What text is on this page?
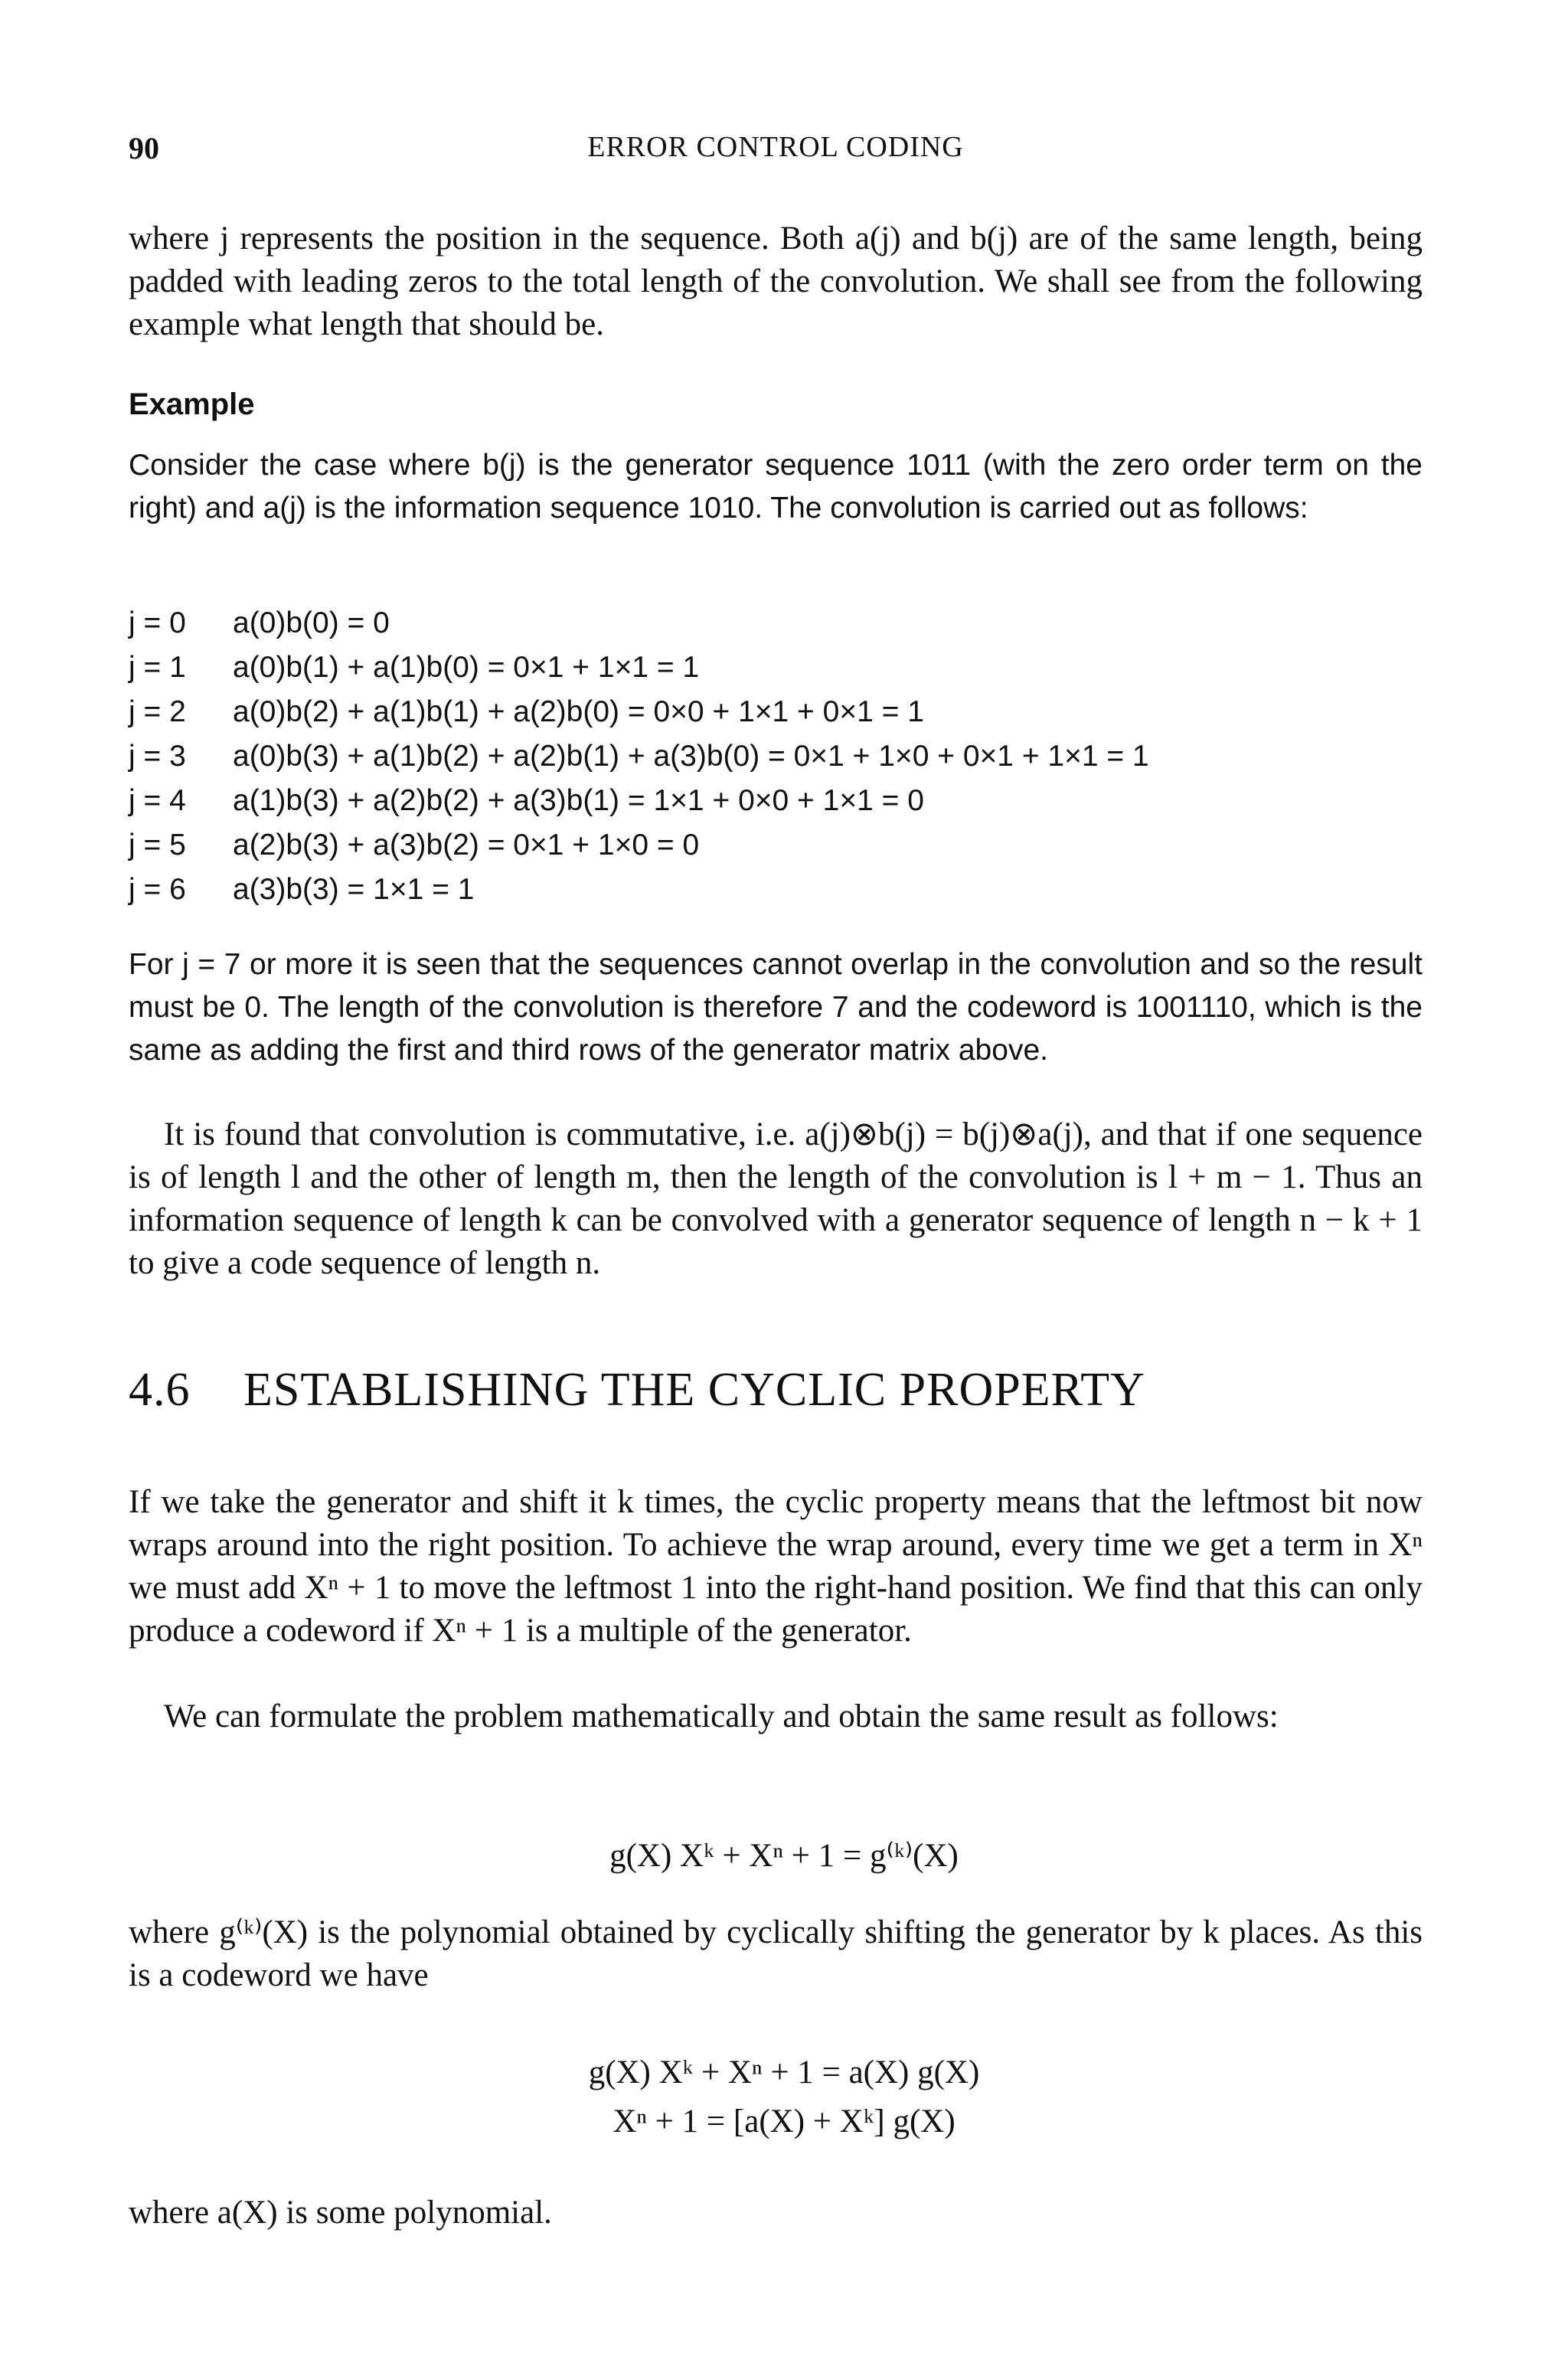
90	ERROR CONTROL CODING

where j represents the position in the sequence. Both a(j) and b(j) are of the same length, being padded with leading zeros to the total length of the convolution. We shall see from the following example what length that should be.

Example

Consider the case where b(j) is the generator sequence 1011 (with the zero order term on the right) and a(j) is the information sequence 1010. The convolution is carried out as follows:

j = 0	a(0)b(0) = 0
j = 1	a(0)b(1) + a(1)b(0) = 0×1 + 1×1 = 1
j = 2	a(0)b(2) + a(1)b(1) + a(2)b(0) = 0×0 + 1×1 + 0×1 = 1
j = 3	a(0)b(3) + a(1)b(2) + a(2)b(1) + a(3)b(0) = 0×1 + 1×0 + 0×1 + 1×1 = 1
j = 4	a(1)b(3) + a(2)b(2) + a(3)b(1) = 1×1 + 0×0 + 1×1 = 0
j = 5	a(2)b(3) + a(3)b(2) = 0×1 + 1×0 = 0
j = 6	a(3)b(3) = 1×1 = 1

For j = 7 or more it is seen that the sequences cannot overlap in the convolution and so the result must be 0. The length of the convolution is therefore 7 and the codeword is 1001110, which is the same as adding the first and third rows of the generator matrix above.

It is found that convolution is commutative, i.e. a(j)⊗b(j) = b(j)⊗a(j), and that if one sequence is of length l and the other of length m, then the length of the convolution is l + m − 1. Thus an information sequence of length k can be convolved with a generator sequence of length n − k + 1 to give a code sequence of length n.

4.6 ESTABLISHING THE CYCLIC PROPERTY

If we take the generator and shift it k times, the cyclic property means that the leftmost bit now wraps around into the right position. To achieve the wrap around, every time we get a term in Xⁿ we must add Xⁿ + 1 to move the leftmost 1 into the right-hand position. We find that this can only produce a codeword if Xⁿ + 1 is a multiple of the generator.

We can formulate the problem mathematically and obtain the same result as follows:

g(X) Xᵏ + Xⁿ + 1 = g⁽ᵏ⁾(X)

where g⁽ᵏ⁾(X) is the polynomial obtained by cyclically shifting the generator by k places. As this is a codeword we have

g(X) Xᵏ + Xⁿ + 1 = a(X) g(X)
Xⁿ + 1 = [a(X) + Xᵏ] g(X)

where a(X) is some polynomial.
